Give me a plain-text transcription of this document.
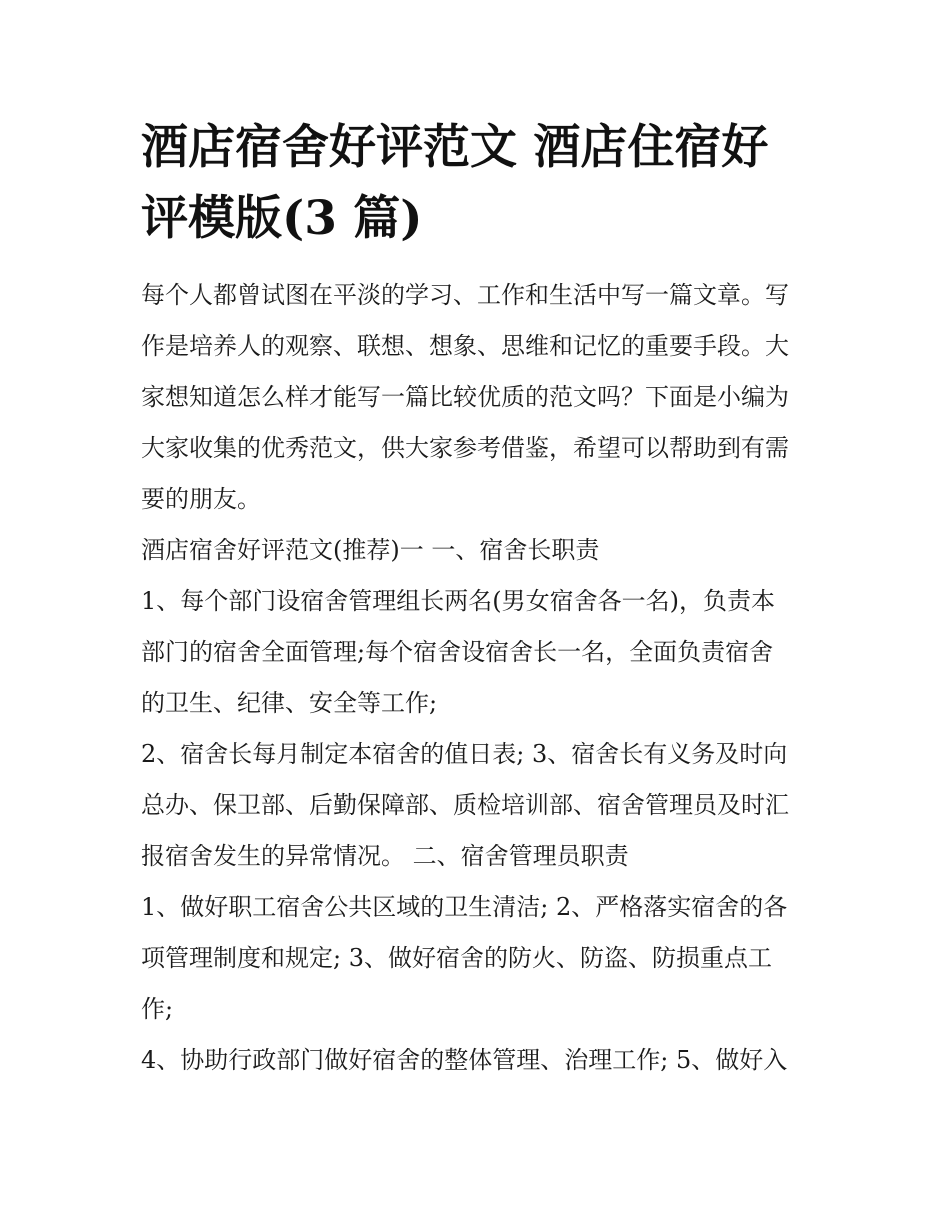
酒店宿舍好评范文 酒店住宿好
评模版(3 篇)
每个人都曾试图在平淡的学习、工作和生活中写一篇文章。写
作是培养人的观察、联想、想象、思维和记忆的重要手段。大
家想知道怎么样才能写一篇比较优质的范文吗？下面是小编为
大家收集的优秀范文，供大家参考借鉴，希望可以帮助到有需
要的朋友。
酒店宿舍好评范文(推荐)一 一、宿舍长职责
1、每个部门设宿舍管理组长两名(男女宿舍各一名)，负责本
部门的宿舍全面管理;每个宿舍设宿舍长一名，全面负责宿舍
的卫生、纪律、安全等工作;
2、宿舍长每月制定本宿舍的值日表; 3、宿舍长有义务及时向
总办、保卫部、后勤保障部、质检培训部、宿舍管理员及时汇
报宿舍发生的异常情况。 二、宿舍管理员职责
1、做好职工宿舍公共区域的卫生清洁; 2、严格落实宿舍的各
项管理制度和规定; 3、做好宿舍的防火、防盗、防损重点工
作;
4、协助行政部门做好宿舍的整体管理、治理工作; 5、做好入
